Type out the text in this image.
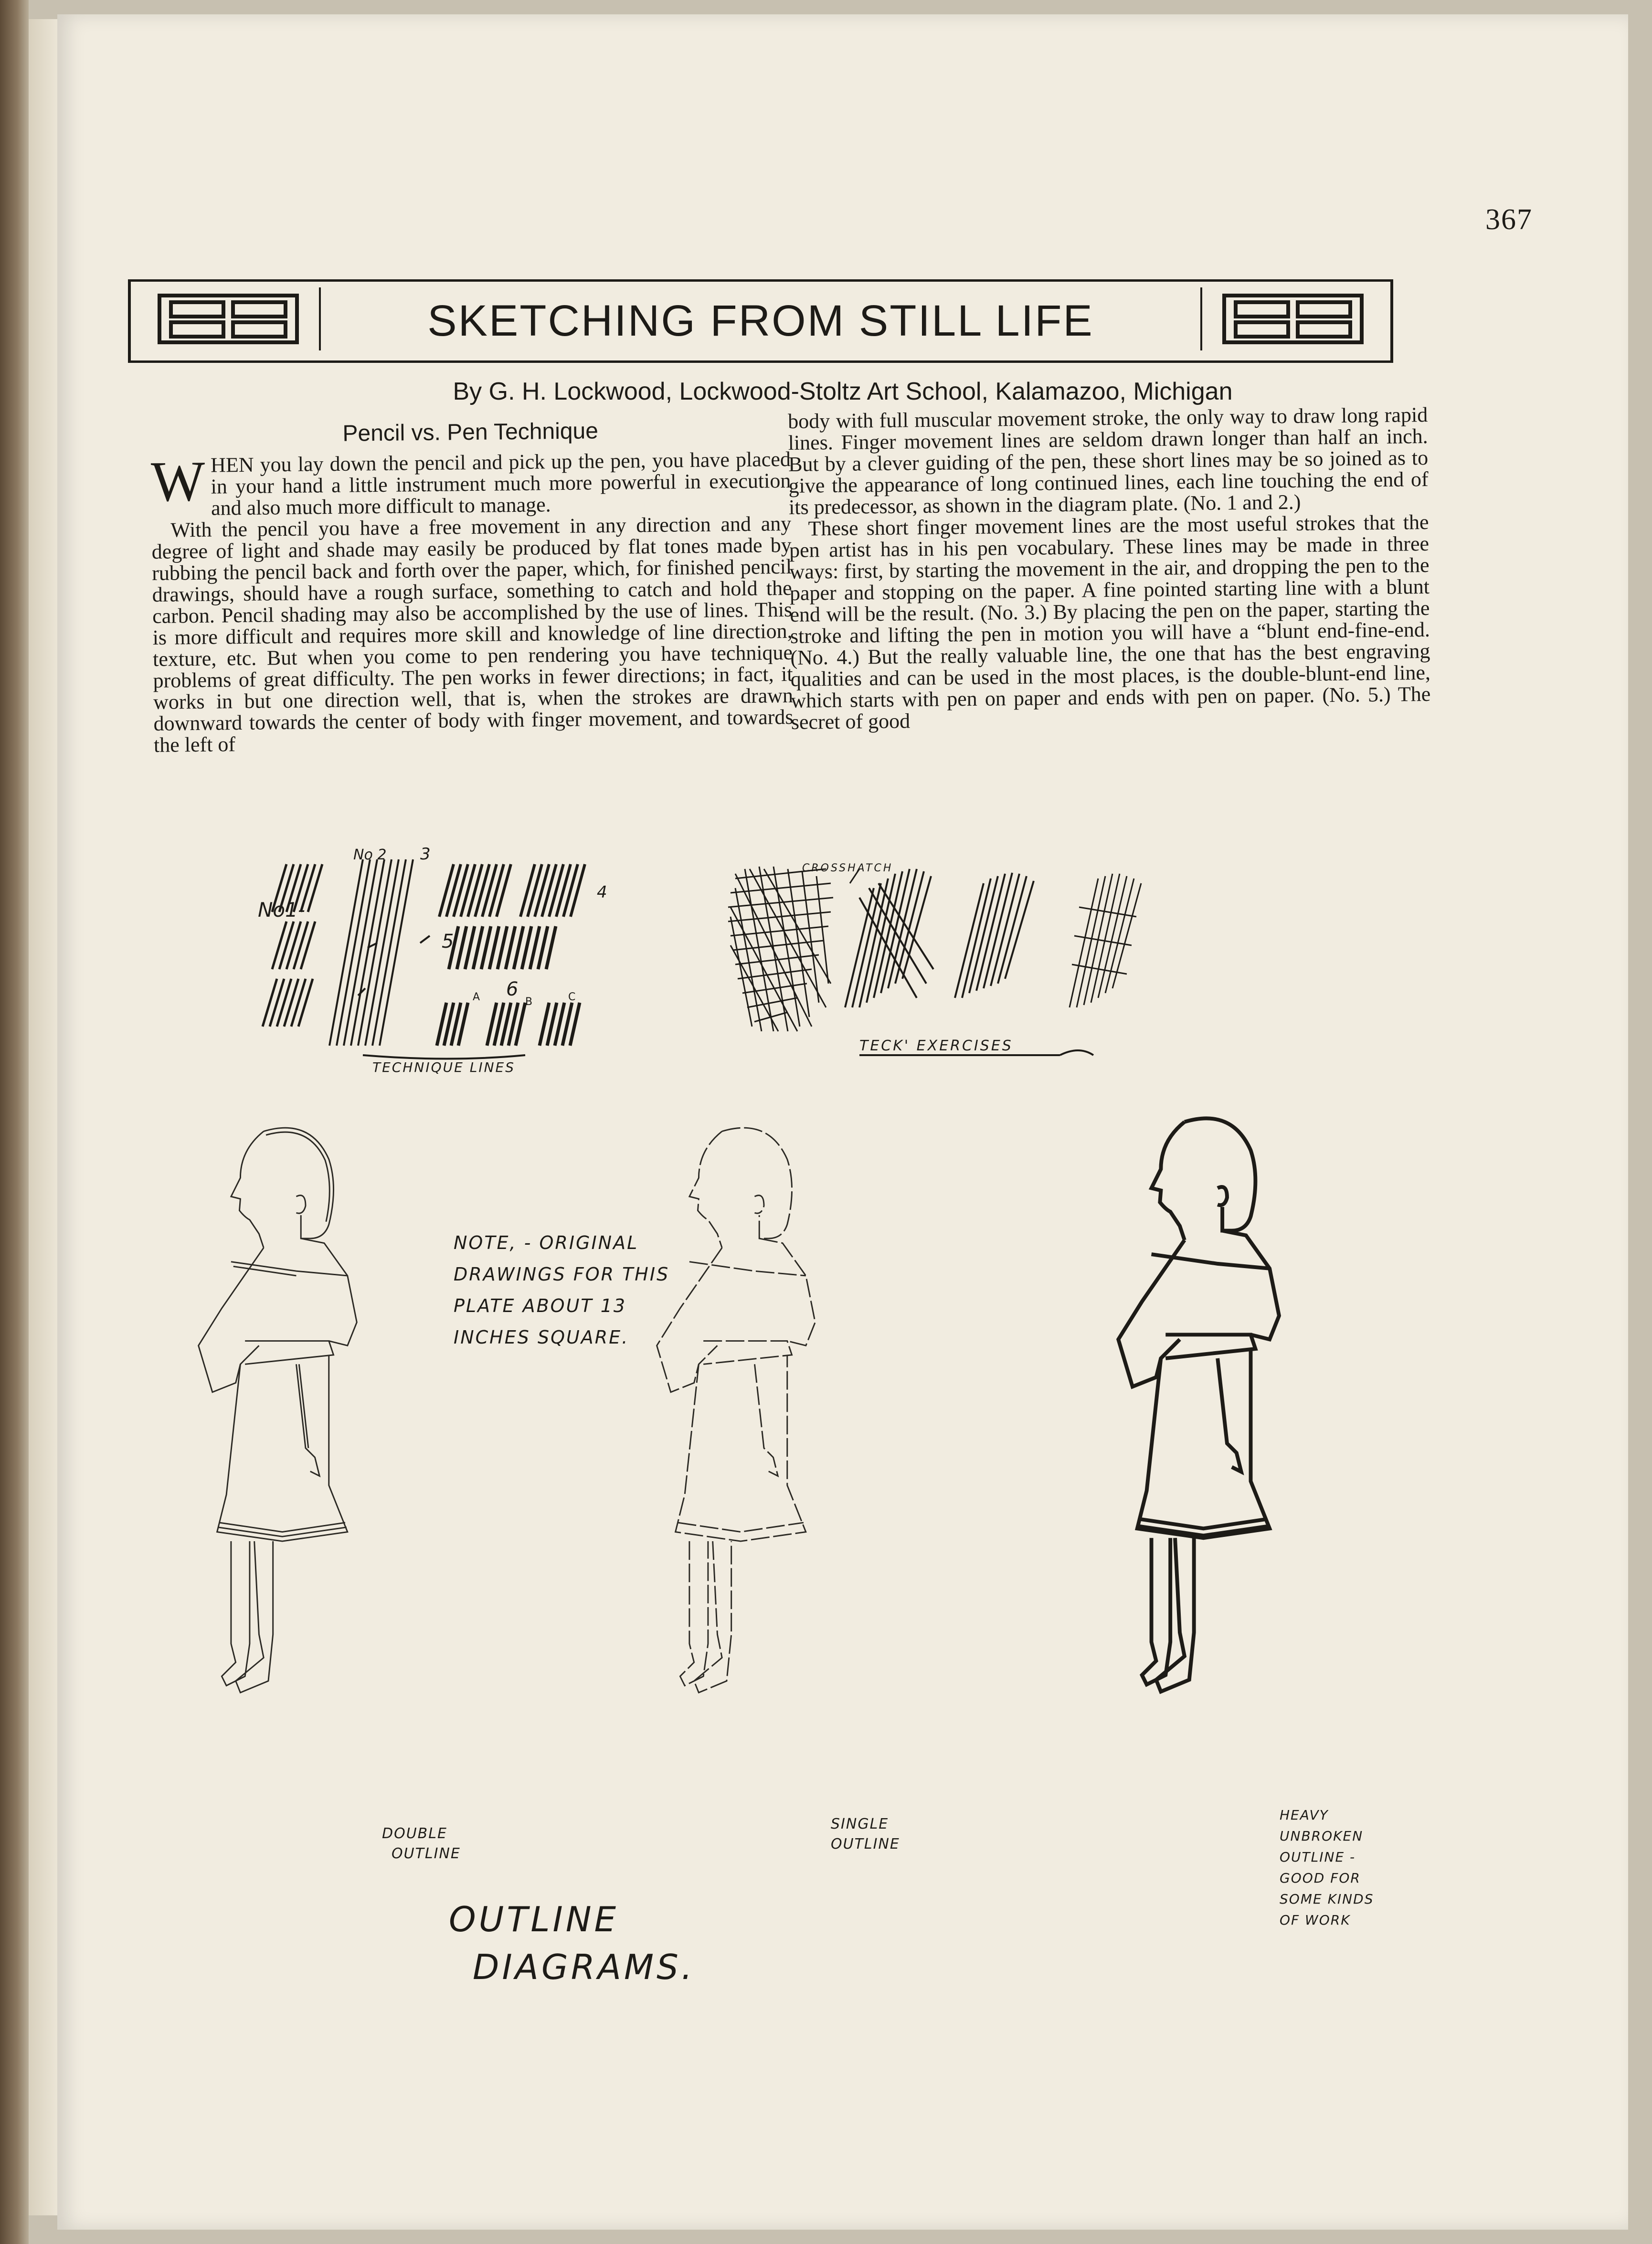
367
SKETCHING FROM STILL LIFE
By G. H. Lockwood, Lockwood-Stoltz Art School, Kalamazoo, Michigan
Pencil vs. Pen Technique

WHEN you lay down the pencil and pick up the pen, you have placed in your hand a little instrument much more powerful in execution and also much more difficult to manage.

With the pencil you have a free movement in any direction and any degree of light and shade may easily be produced by flat tones made by rubbing the pencil back and forth over the paper, which, for finished pencil drawings, should have a rough surface, something to catch and hold the carbon. Pencil shading may also be accomplished by the use of lines. This is more difficult and requires more skill and knowledge of line direction, texture, etc. But when you come to pen rendering you have technique problems of great difficulty. The pen works in fewer directions; in fact, it works in but one direction well, that is, when the strokes are drawn downward towards the center of body with finger movement, and towards the left of

body with full muscular movement stroke, the only way to draw long rapid lines. Finger movement lines are seldom drawn longer than half an inch. But by a clever guiding of the pen, these short lines may be so joined as to give the appearance of long continued lines, each line touching the end of its predecessor, as shown in the diagram plate. (No. 1 and 2.)

These short finger movement lines are the most useful strokes that the pen artist has in his pen vocabulary. These lines may be made in three ways: first, by starting the movement in the air, and dropping the pen to the paper and stopping on the paper. A fine pointed starting line with a blunt end will be the result. (No. 3.) By placing the pen on the paper, starting the stroke and lifting the pen in motion you will have a “blunt end-fine-end. (No. 4.) But the really valuable line, the one that has the best engraving qualities and can be used in the most places, is the double-blunt-end line, which starts with pen on paper and ends with pen on paper. (No. 5.) The secret of good

No1-
No 2 3
4
5
6
A	B	C
TECHNIQUE LINES
CROSSHATCH
TECK' EXERCISES
NOTE, - ORIGINAL
DRAWINGS FOR THIS
PLATE ABOUT 13
INCHES SQUARE.
DOUBLE
OUTLINE
SINGLE
OUTLINE
HEAVY
UNBROKEN
OUTLINE -
GOOD FOR
SOME KINDS
OF WORK
OUTLINE
DIAGRAMS.
